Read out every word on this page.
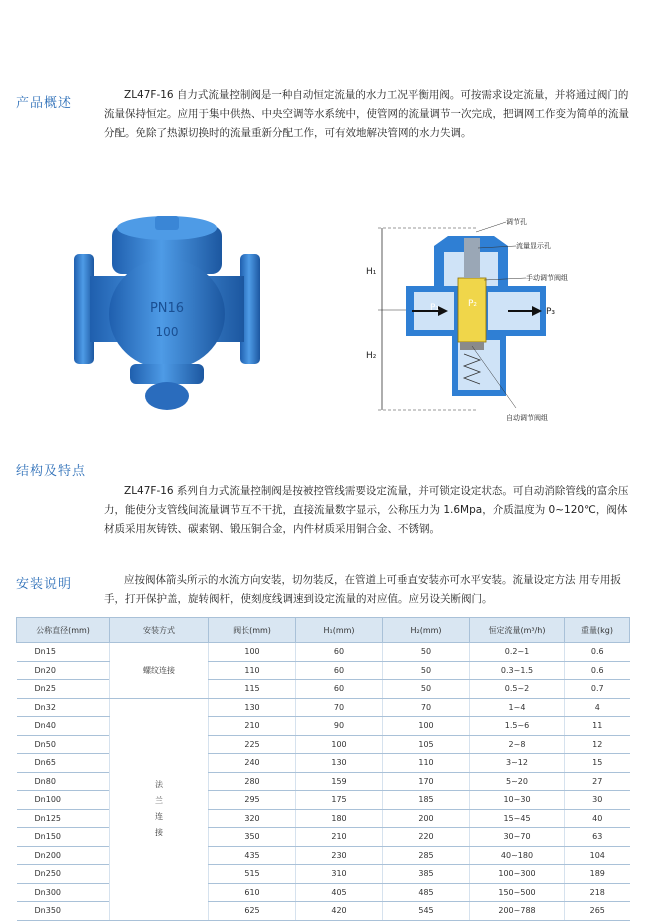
产品概述
ZL47F-16 自力式流量控制阀是一种自动恒定流量的水力工况平衡用阀。可按需求设定流量，并将通过阀门的流量保持恒定。应用于集中供热、中央空调等水系统中，使管网的流量调节一次完成，把调网工作变为简单的流量分配。免除了热源切换时的流量重新分配工作，可有效地解决管网的水力失调。
PN16
100
H₁
H₂
P₁	P₂
P₃
调节孔
流量显示孔
手动调节阀组
自动调节阀组
结构及特点
ZL47F-16 系列自力式流量控制阀是按被控管线需要设定流量，并可锁定设定状态。可自动消除管线的富余压力，能使分支管线间流量调节互不干扰，直接流量数字显示，公称压力为 1.6Mpa，介质温度为 0~120℃，阀体材质采用灰铸铁、碳素钢、锻压铜合金，内件材质采用铜合金、不锈钢。
安装说明	应按阀体箭头所示的水流方向安装，切勿装反，在管道上可垂直安装亦可水平安装。流量设定方法 用专用扳手，打开保护盖，旋转阀杆，使刻度线调速到设定流量的对应值。应另设关断阀门。
公称直径(mm)	安装方式	阀长(mm)	H₁(mm)	H₂(mm)	恒定流量(m³/h)	重量(kg)
Dn15	螺纹连接	100	60	50	0.2~1	0.6
Dn20		110	60	50	0.3~1.5	0.6
Dn25		115	60	50	0.5~2	0.7
Dn32	法兰连接	130	70	70	1~4	4
Dn40		210	90	100	1.5~6	11
Dn50		225	100	105	2~8	12
Dn65		240	130	110	3~12	15
Dn80		280	159	170	5~20	27
Dn100		295	175	185	10~30	30
Dn125		320	180	200	15~45	40
Dn150		350	210	220	30~70	63
Dn200		435	230	285	40~180	104
Dn250		515	310	385	100~300	189
Dn300		610	405	485	150~500	218
Dn350		625	420	545	200~788	265
